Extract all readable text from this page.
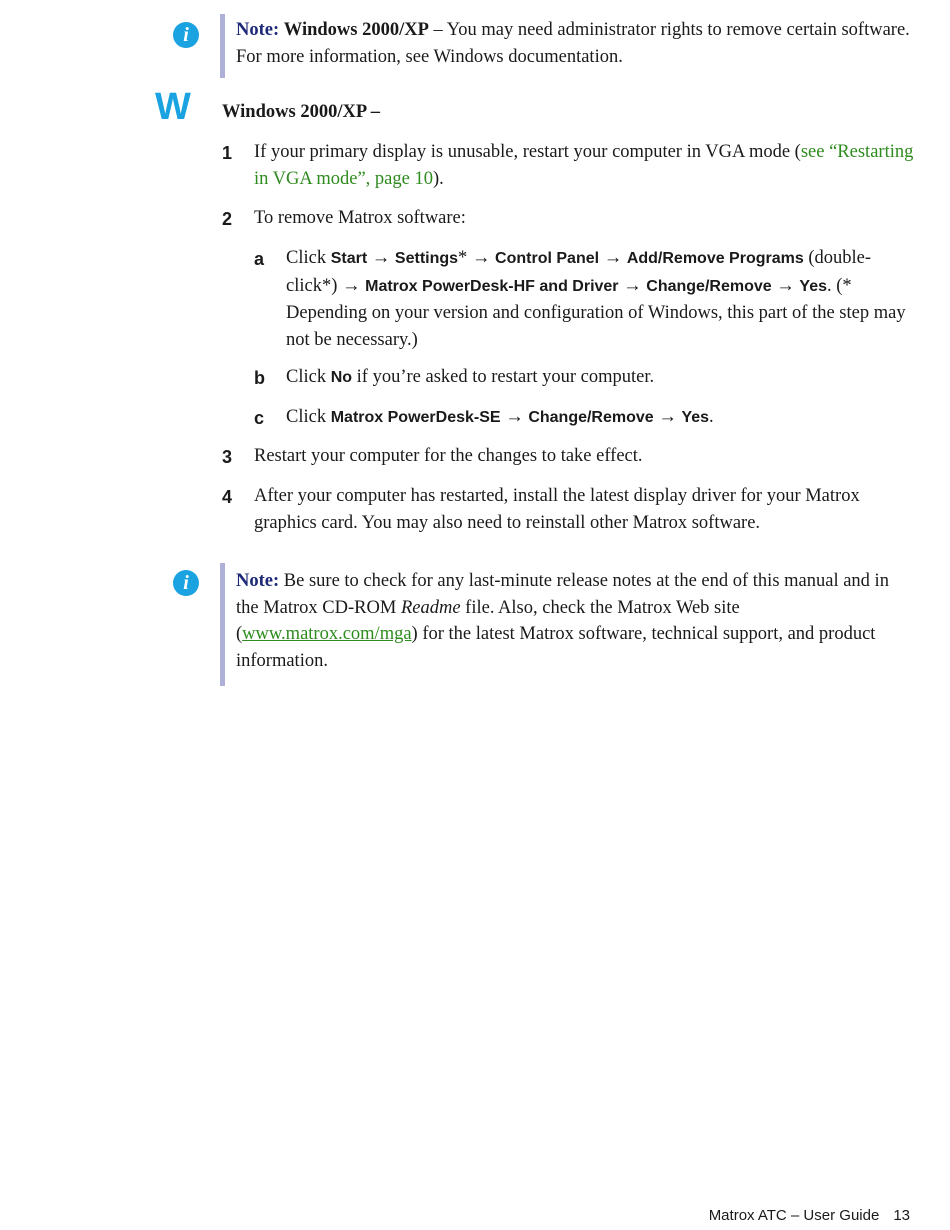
i	Note: Windows 2000/XP – You may need administrator rights to remove certain software. For more information, see Windows documentation.
W Windows 2000/XP –
1 If your primary display is unusable, restart your computer in VGA mode (see “Restarting in VGA mode”, page 10).
2 To remove Matrox software:
a Click Start → Settings* → Control Panel → Add/Remove Programs (double-click*) → Matrox PowerDesk-HF and Driver → Change/Remove → Yes. (* Depending on your version and configuration of Windows, this part of the step may not be necessary.)
b Click No if you’re asked to restart your computer.
c Click Matrox PowerDesk-SE → Change/Remove → Yes.
3 Restart your computer for the changes to take effect.
4 After your computer has restarted, install the latest display driver for your Matrox graphics card. You may also need to reinstall other Matrox software.
i	Note: Be sure to check for any last-minute release notes at the end of this manual and in the Matrox CD-ROM Readme file. Also, check the Matrox Web site (www.matrox.com/mga) for the latest Matrox software, technical support, and product information.
Matrox ATC – User Guide 13
